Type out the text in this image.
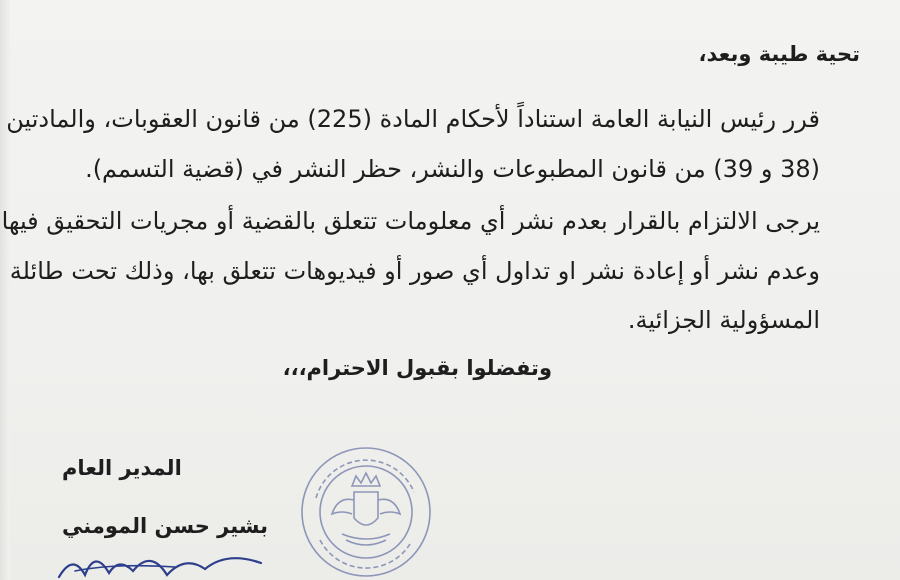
تحية طيبة وبعد،
قرر رئيس النيابة العامة استناداً لأحكام المادة (225) من قانون العقوبات، والمادتين
(38 و 39) من قانون المطبوعات والنشر، حظر النشر في (قضية التسمم).
يرجى الالتزام بالقرار بعدم نشر أي معلومات تتعلق بالقضية أو مجريات التحقيق فيها
وعدم نشر أو إعادة نشر او تداول أي صور أو فيديوهات تتعلق بها، وذلك تحت طائلة
المسؤولية الجزائية.
وتفضلوا بقبول الاحترام،،،
المدير العام
بشير حسن المومني
